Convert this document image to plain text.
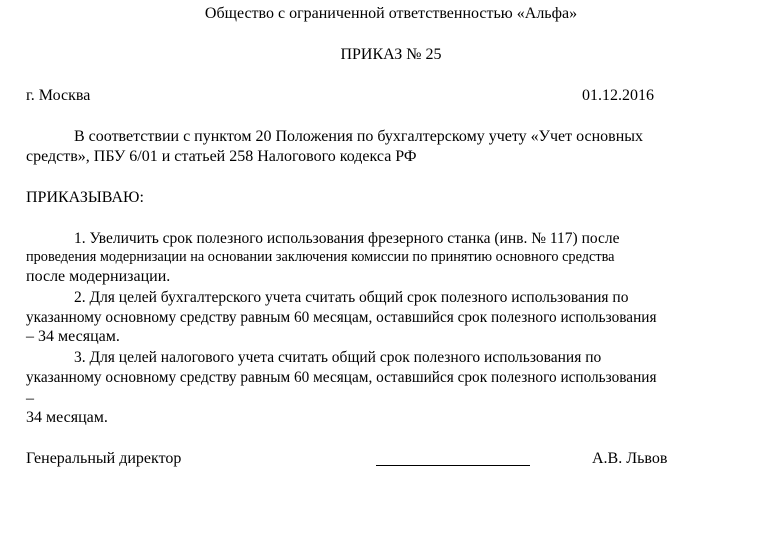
Общество с ограниченной ответственностью «Альфа»
ПРИКАЗ № 25
г. Москва	01.12.2016
В соответствии с пунктом 20 Положения по бухгалтерскому учету «Учет основных
средств», ПБУ 6/01 и статьей 258 Налогового кодекса РФ
ПРИКАЗЫВАЮ:
1. Увеличить срок полезного использования фрезерного станка (инв. № 117) после
проведения модернизации на основании заключения комиссии по принятию основного средства
после модернизации.
2. Для целей бухгалтерского учета считать общий срок полезного использования по
указанному основному средству равным 60 месяцам, оставшийся срок полезного использования
– 34 месяцам.
3. Для целей налогового учета считать общий срок полезного использования по
указанному основному средству равным 60 месяцам, оставшийся срок полезного использования
–
34 месяцам.
Генеральный директор	А.В. Львов
